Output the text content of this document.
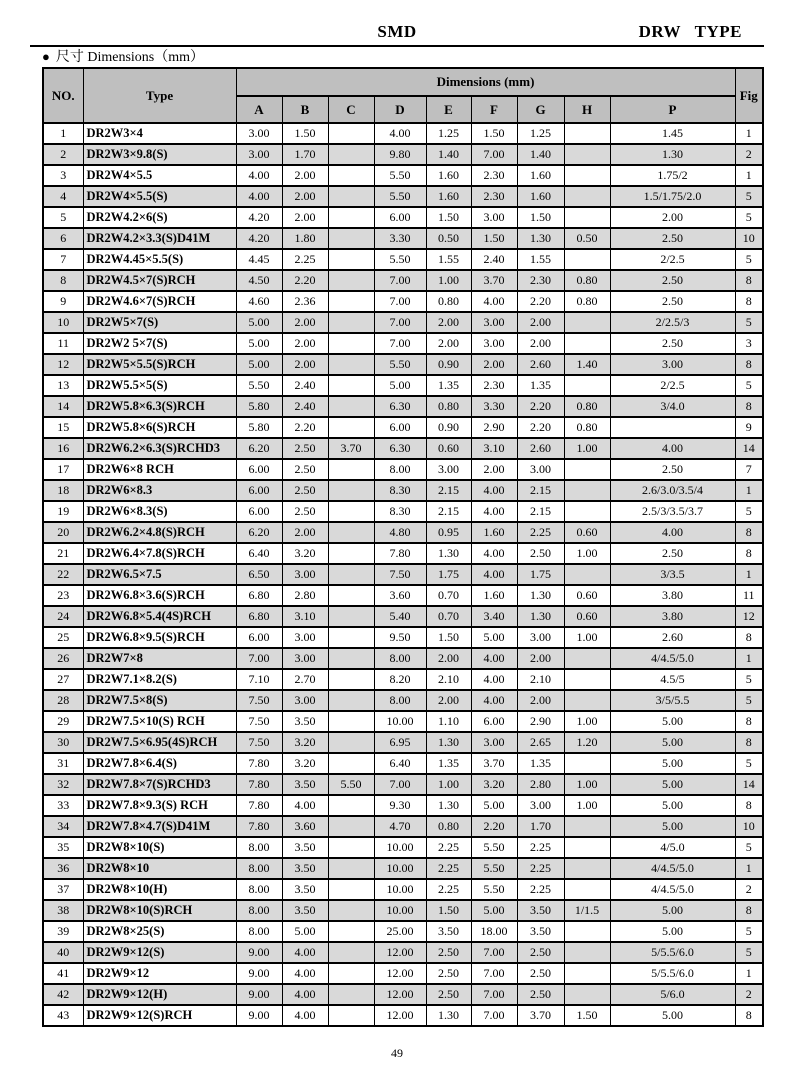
SMD	DRW   TYPE
● 尺寸 Dimensions（mm）
NO.	Type	Dimensions (mm)									Fig
		A	B	C	D	E	F	G	H	P	
1	DR2W3×4	3.00	1.50		4.00	1.25	1.50	1.25		1.45	1
2	DR2W3×9.8(S)	3.00	1.70		9.80	1.40	7.00	1.40		1.30	2
3	DR2W4×5.5	4.00	2.00		5.50	1.60	2.30	1.60		1.75/2	1
4	DR2W4×5.5(S)	4.00	2.00		5.50	1.60	2.30	1.60		1.5/1.75/2.0	5
5	DR2W4.2×6(S)	4.20	2.00		6.00	1.50	3.00	1.50		2.00	5
6	DR2W4.2×3.3(S)D41M	4.20	1.80		3.30	0.50	1.50	1.30	0.50	2.50	10
7	DR2W4.45×5.5(S)	4.45	2.25		5.50	1.55	2.40	1.55		2/2.5	5
8	DR2W4.5×7(S)RCH	4.50	2.20		7.00	1.00	3.70	2.30	0.80	2.50	8
9	DR2W4.6×7(S)RCH	4.60	2.36		7.00	0.80	4.00	2.20	0.80	2.50	8
10	DR2W5×7(S)	5.00	2.00		7.00	2.00	3.00	2.00		2/2.5/3	5
11	DR2W2 5×7(S)	5.00	2.00		7.00	2.00	3.00	2.00		2.50	3
12	DR2W5×5.5(S)RCH	5.00	2.00		5.50	0.90	2.00	2.60	1.40	3.00	8
13	DR2W5.5×5(S)	5.50	2.40		5.00	1.35	2.30	1.35		2/2.5	5
14	DR2W5.8×6.3(S)RCH	5.80	2.40		6.30	0.80	3.30	2.20	0.80	3/4.0	8
15	DR2W5.8×6(S)RCH	5.80	2.20		6.00	0.90	2.90	2.20	0.80		9
16	DR2W6.2×6.3(S)RCHD3	6.20	2.50	3.70	6.30	0.60	3.10	2.60	1.00	4.00	14
17	DR2W6×8 RCH	6.00	2.50		8.00	3.00	2.00	3.00		2.50	7
18	DR2W6×8.3	6.00	2.50		8.30	2.15	4.00	2.15		2.6/3.0/3.5/4	1
19	DR2W6×8.3(S)	6.00	2.50		8.30	2.15	4.00	2.15		2.5/3/3.5/3.7	5
20	DR2W6.2×4.8(S)RCH	6.20	2.00		4.80	0.95	1.60	2.25	0.60	4.00	8
21	DR2W6.4×7.8(S)RCH	6.40	3.20		7.80	1.30	4.00	2.50	1.00	2.50	8
22	DR2W6.5×7.5	6.50	3.00		7.50	1.75	4.00	1.75		3/3.5	1
23	DR2W6.8×3.6(S)RCH	6.80	2.80		3.60	0.70	1.60	1.30	0.60	3.80	11
24	DR2W6.8×5.4(4S)RCH	6.80	3.10		5.40	0.70	3.40	1.30	0.60	3.80	12
25	DR2W6.8×9.5(S)RCH	6.00	3.00		9.50	1.50	5.00	3.00	1.00	2.60	8
26	DR2W7×8	7.00	3.00		8.00	2.00	4.00	2.00		4/4.5/5.0	1
27	DR2W7.1×8.2(S)	7.10	2.70		8.20	2.10	4.00	2.10		4.5/5	5
28	DR2W7.5×8(S)	7.50	3.00		8.00	2.00	4.00	2.00		3/5/5.5	5
29	DR2W7.5×10(S) RCH	7.50	3.50		10.00	1.10	6.00	2.90	1.00	5.00	8
30	DR2W7.5×6.95(4S)RCH	7.50	3.20		6.95	1.30	3.00	2.65	1.20	5.00	8
31	DR2W7.8×6.4(S)	7.80	3.20		6.40	1.35	3.70	1.35		5.00	5
32	DR2W7.8×7(S)RCHD3	7.80	3.50	5.50	7.00	1.00	3.20	2.80	1.00	5.00	14
33	DR2W7.8×9.3(S) RCH	7.80	4.00		9.30	1.30	5.00	3.00	1.00	5.00	8
34	DR2W7.8×4.7(S)D41M	7.80	3.60		4.70	0.80	2.20	1.70		5.00	10
35	DR2W8×10(S)	8.00	3.50		10.00	2.25	5.50	2.25		4/5.0	5
36	DR2W8×10	8.00	3.50		10.00	2.25	5.50	2.25		4/4.5/5.0	1
37	DR2W8×10(H)	8.00	3.50		10.00	2.25	5.50	2.25		4/4.5/5.0	2
38	DR2W8×10(S)RCH	8.00	3.50		10.00	1.50	5.00	3.50	1/1.5	5.00	8
39	DR2W8×25(S)	8.00	5.00		25.00	3.50	18.00	3.50		5.00	5
40	DR2W9×12(S)	9.00	4.00		12.00	2.50	7.00	2.50		5/5.5/6.0	5
41	DR2W9×12	9.00	4.00		12.00	2.50	7.00	2.50		5/5.5/6.0	1
42	DR2W9×12(H)	9.00	4.00		12.00	2.50	7.00	2.50		5/6.0	2
43	DR2W9×12(S)RCH	9.00	4.00		12.00	1.30	7.00	3.70	1.50	5.00	8
49
